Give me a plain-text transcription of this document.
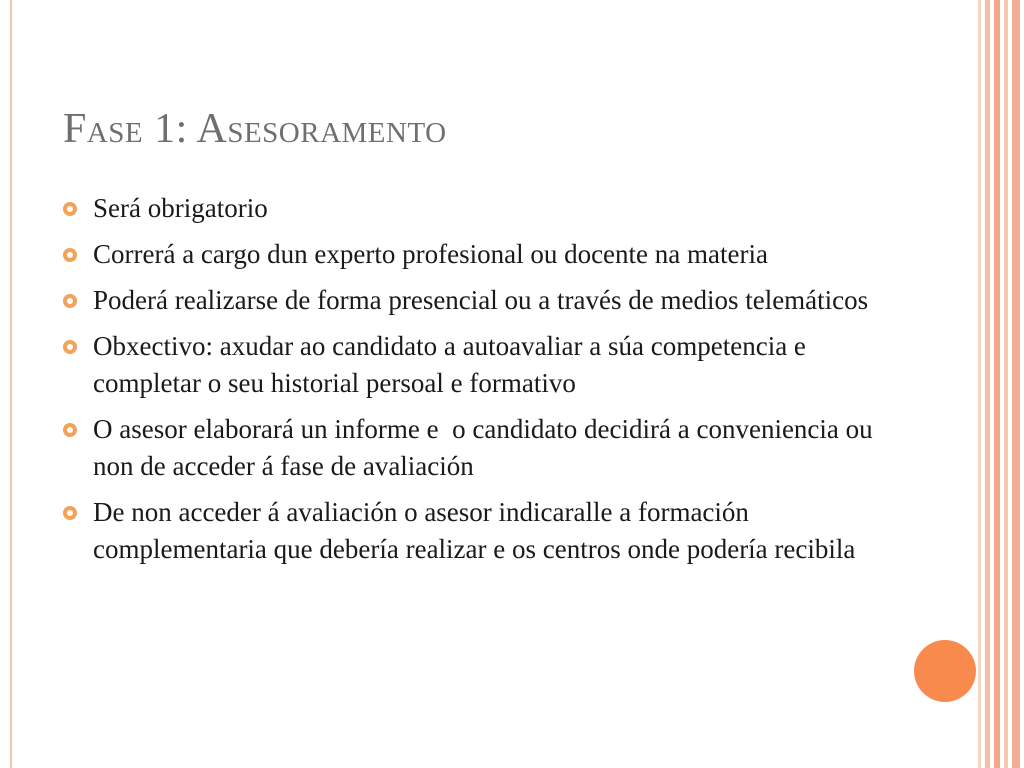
Fase 1: Asesoramento
Será obrigatorio
Correrá a cargo dun experto profesional ou docente na materia
Poderá realizarse de forma presencial ou a través de medios telemáticos
Obxectivo: axudar ao candidato a autoavaliar a súa competencia e completar o seu historial persoal e formativo
O asesor elaborará un informe e  o candidato decidirá a conveniencia ou non de acceder á fase de avaliación
De non acceder á avaliación o asesor indicaralle a formación complementaria que debería realizar e os centros onde podería recibila
